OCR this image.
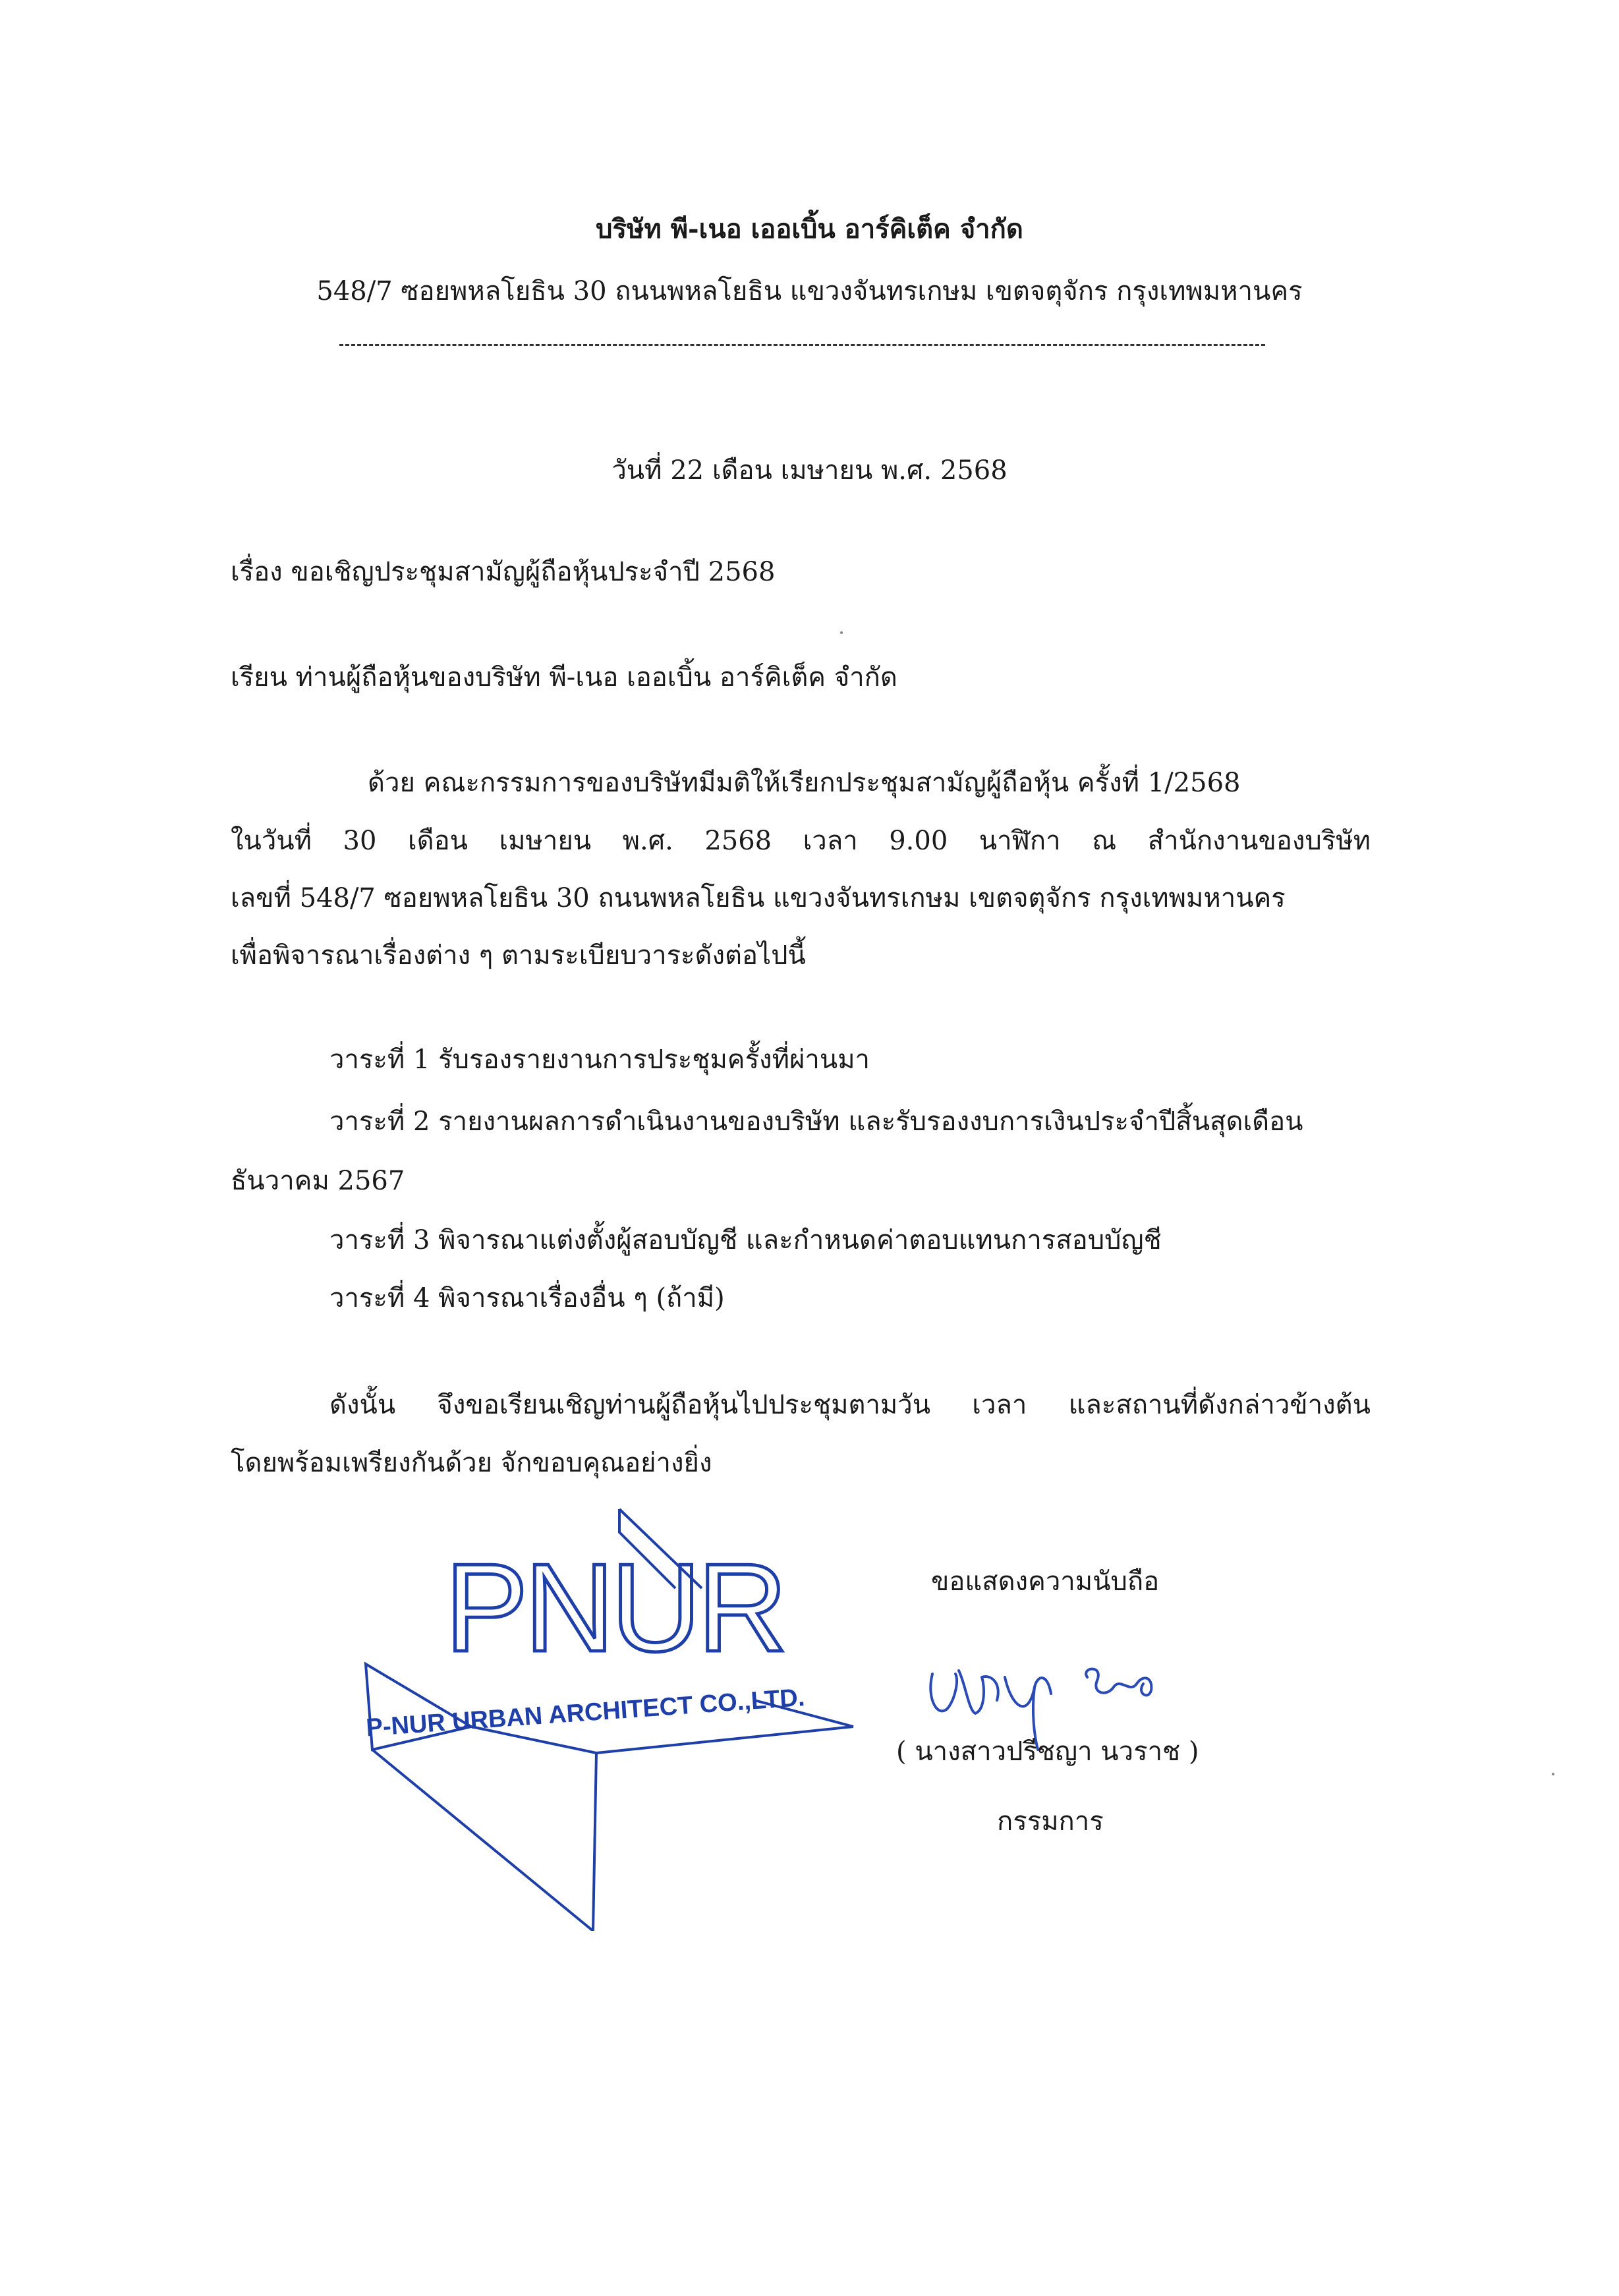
บริษัท พี-เนอ เออเบิ้น อาร์คิเต็ค จำกัด
548/7 ซอยพหลโยธิน 30 ถนนพหลโยธิน แขวงจันทรเกษม เขตจตุจักร กรุงเทพมหานคร
วันที่ 22 เดือน เมษายน พ.ศ. 2568
เรื่อง ขอเชิญประชุมสามัญผู้ถือหุ้นประจำปี 2568
เรียน ท่านผู้ถือหุ้นของบริษัท พี-เนอ เออเบิ้น อาร์คิเต็ค จำกัด
ด้วย คณะกรรมการของบริษัทมีมติให้เรียกประชุมสามัญผู้ถือหุ้น ครั้งที่ 1/2568
ในวันที่ 30 เดือน เมษายน พ.ศ. 2568 เวลา 9.00 นาฬิกา ณ สำนักงานของบริษัท
เลขที่ 548/7 ซอยพหลโยธิน 30 ถนนพหลโยธิน แขวงจันทรเกษม เขตจตุจักร กรุงเทพมหานคร
เพื่อพิจารณาเรื่องต่าง ๆ ตามระเบียบวาระดังต่อไปนี้
วาระที่ 1 รับรองรายงานการประชุมครั้งที่ผ่านมา
วาระที่ 2 รายงานผลการดำเนินงานของบริษัท และรับรองงบการเงินประจำปีสิ้นสุดเดือน
ธันวาคม 2567
วาระที่ 3 พิจารณาแต่งตั้งผู้สอบบัญชี และกำหนดค่าตอบแทนการสอบบัญชี
วาระที่ 4 พิจารณาเรื่องอื่น ๆ (ถ้ามี)
ดังนั้น จึงขอเรียนเชิญท่านผู้ถือหุ้นไปประชุมตามวัน เวลา และสถานที่ดังกล่าวข้างต้น
โดยพร้อมเพรียงกันด้วย จักขอบคุณอย่างยิ่ง
PNUR
P-NUR URBAN ARCHITECT CO.,LTD.
ขอแสดงความนับถือ
( นางสาวปรีชญา นวราช )
กรรมการ
